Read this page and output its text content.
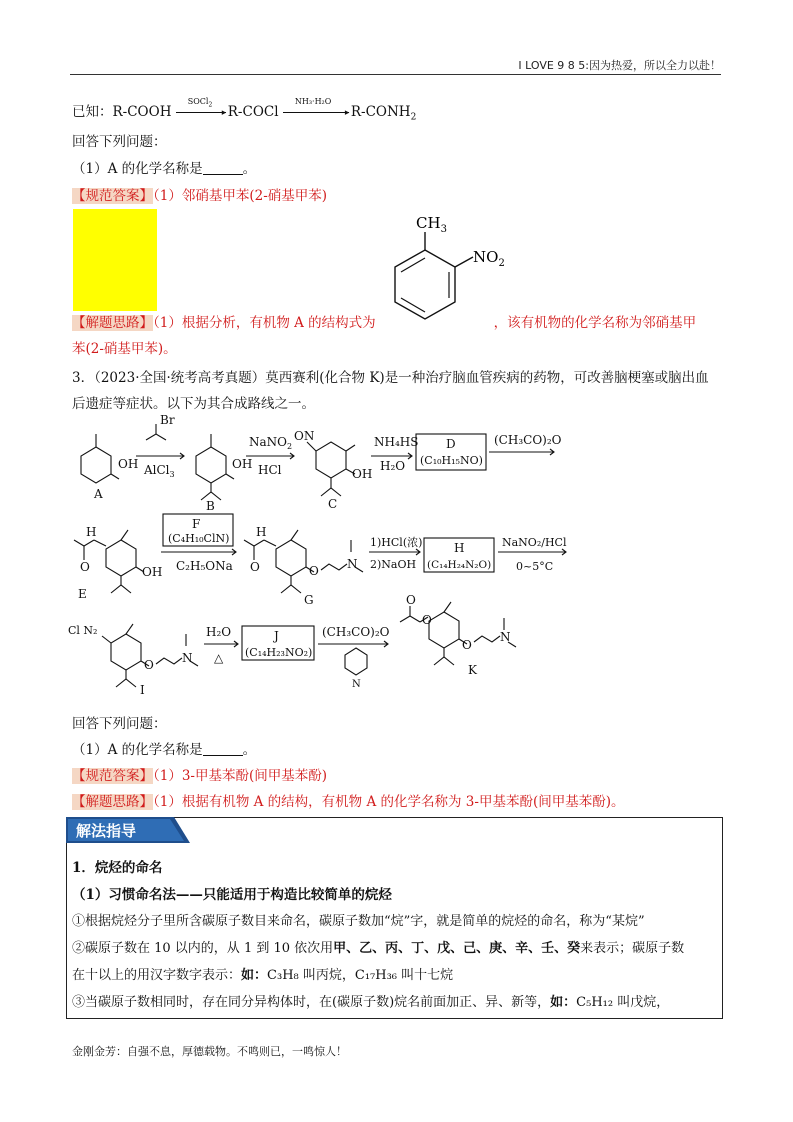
I LOVE 9 8 5:因为热爱，所以全力以赴！
已知：R-COOH
SOCl$_2$
▸ R-COCl
NH₃·H₂O
▸ $R-CONH_2$
回答下列问题：
（1）A 的化学名称是	。
【规范答案】（1）邻硝基甲苯(2-硝基甲苯)
$CH_3$
$NO_2$
【解题思路】（1）根据分析，有机物 A 的结构式为	，该有机物的化学名称为邻硝基甲
苯(2-硝基甲苯)。
3．（2023·全国·统考高考真题）莫西赛利(化合物 K)是一种治疗脑血管疾病的药物，可改善脑梗塞或脑出血
后遗症等症状。以下为其合成路线之一。
OH
Br
AlCl$_3$
OH
NaNO$_2$
HCl
ON
OH
NH₄HS
H₂O
D
(C₁₀H₁₅NO)
(CH₃CO)₂O
A
B	C
H
O	OH
F
(C₄H₁₀ClN)
C₂H₅ONa
H
O	O N
1)HCl(浓)
2)NaOH
H
(C₁₄H₂₄N₂O)
NaNO₂/HCl
0~5°C
E	G
Cl N₂
O N
H₂O
△
J
(C₁₄H₂₃NO₂)
(CH₃CO)₂O
N
O
O
O
N
I
K
回答下列问题：
（1）A 的化学名称是	。
【规范答案】（1）3-甲基苯酚(间甲基苯酚)
【解题思路】（1）根据有机物 A 的结构，有机物 A 的化学名称为 3-甲基苯酚(间甲基苯酚)。
解法指导
1．烷烃的命名
（1）习惯命名法——只能适用于构造比较简单的烷烃
①根据烷烃分子里所含碳原子数目来命名，碳原子数加“烷”字，就是简单的烷烃的命名，称为“某烷”
②碳原子数在 10 以内的，从 1 到 10 依次用甲、乙、丙、丁、戊、己、庚、辛、壬、癸来表示；碳原子数
在十以上的用汉字数字表示：如：C₃H₈ 叫丙烷，C₁₇H₃₆ 叫十七烷
③当碳原子数相同时，存在同分异构体时，在(碳原子数)烷名前面加正、异、新等，如：C₅H₁₂ 叫戊烷，
金刚金芳：自强不息，厚德载物。不鸣则已，一鸣惊人！
